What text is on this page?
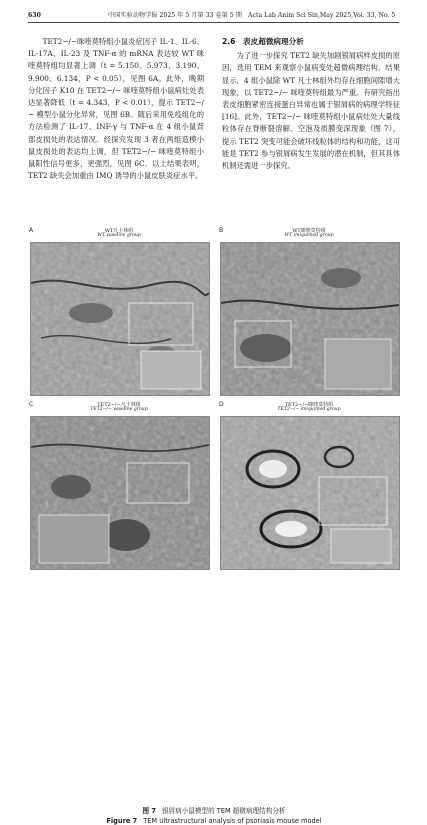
630	中国实验动物学报 2025 年 5 月第 33 卷第 5 期　Acta Lab Anim Sci Sin,May 2025,Vol. 33, No. 5

TET2−/−咪喹莫特组小鼠炎症因子 IL-1、IL-6、IL-17A、IL-23 及 TNF-α 的 mRNA 表达较 WT 咪喹莫特组均显著上调（t = 5.150、5.973、3.190、9.900、6.134，P < 0.05），见图 6A。此外，晚期分化因子 K10 在 TET2−/− 咪喹莫特组小鼠病灶处表达显著降低（t = 4.343，P < 0.01），提示 TET2−/− 模型小鼠分化异常，见图 6B。随后采用免疫组化的方法检测了 IL-17、INF-γ 与 TNF-α 在 4 组小鼠背部皮损处的表达情况。经探究发现 3 者在两组造模小鼠皮损处的表达均上调，但 TET2−/− 咪喹莫特组小鼠阳性信号更多，更强烈，见图 6C。以上结果表明，TET2 缺失会加重由 IMQ 诱导的小鼠皮肤炎症水平。

2.6　表皮超微病理分析

为了进一步探究 TET2 缺失加剧银屑病样皮损的原因，选用 TEM 来观察小鼠病变处超微病理结构。结果显示，4 组小鼠除 WT 凡士林组外均存在细胞间隙增大现象，以 TET2−/− 咪喹莫特组最为严重。有研究指出表皮细胞紧密连接蛋白异常也属于银屑病的病理学特征[16]。此外，TET2−/− 咪喹莫特组小鼠病灶处大量线粒体存在脊断裂溶解、空泡及质膜变深现象（图 7），提示 TET2 突变可能会破坏线粒体的结构和功能，这可能是 TET2 参与银屑病发生发展的潜在机制，但其具体机制还需进一步探究。

A	WT凡士林组
WT vaseline group
B	WT咪喹莫特组
WT imiquimod group
C	TET2−/−凡士林组
TET2−/− vaseline group
D	TET2−/−咪喹莫特组
TET2−/− imiquimod group
图 7 银屑病小鼠模型的 TEM 超微病理结构分析
Figure 7 TEM ultrastructural analysis of psoriasis mouse model
